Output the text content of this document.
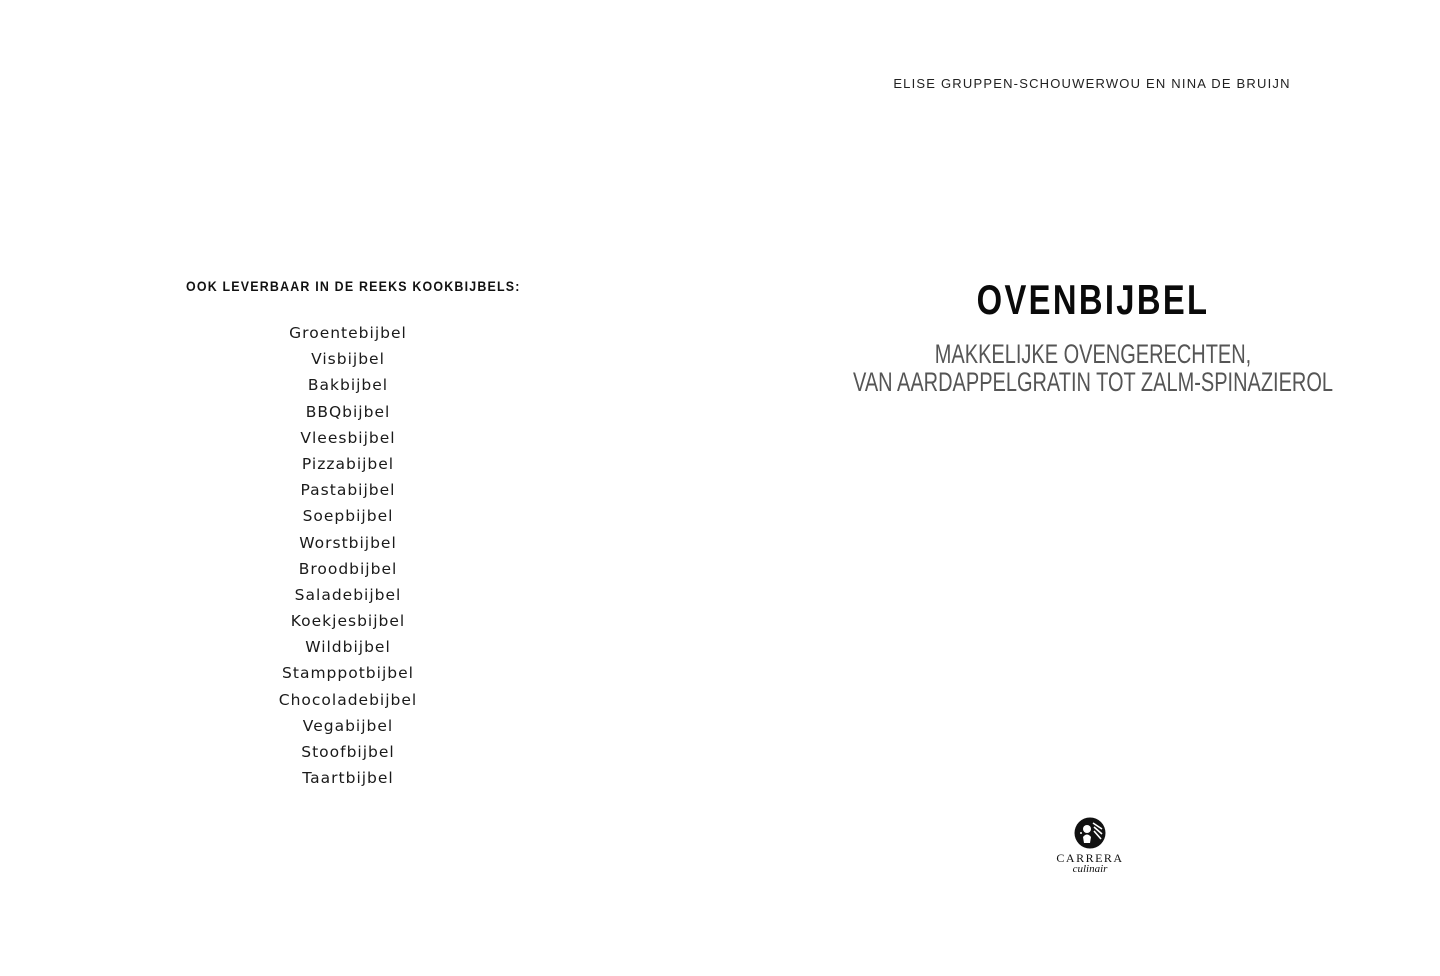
OOK LEVERBAAR IN DE REEKS KOOKBIJBELS:
Groentebijbel
Visbijbel
Bakbijbel
BBQbijbel
Vleesbijbel
Pizzabijbel
Pastabijbel
Soepbijbel
Worstbijbel
Broodbijbel
Saladebijbel
Koekjesbijbel
Wildbijbel
Stamppotbijbel
Chocoladebijbel
Vegabijbel
Stoofbijbel
Taartbijbel
ELISE GRUPPEN-SCHOUWERWOU EN NINA DE BRUIJN
OVENBIJBEL
MAKKELIJKE OVENGERECHTEN,
VAN AARDAPPELGRATIN TOT ZALM-SPINAZIEROL
CARRERA
culinair
